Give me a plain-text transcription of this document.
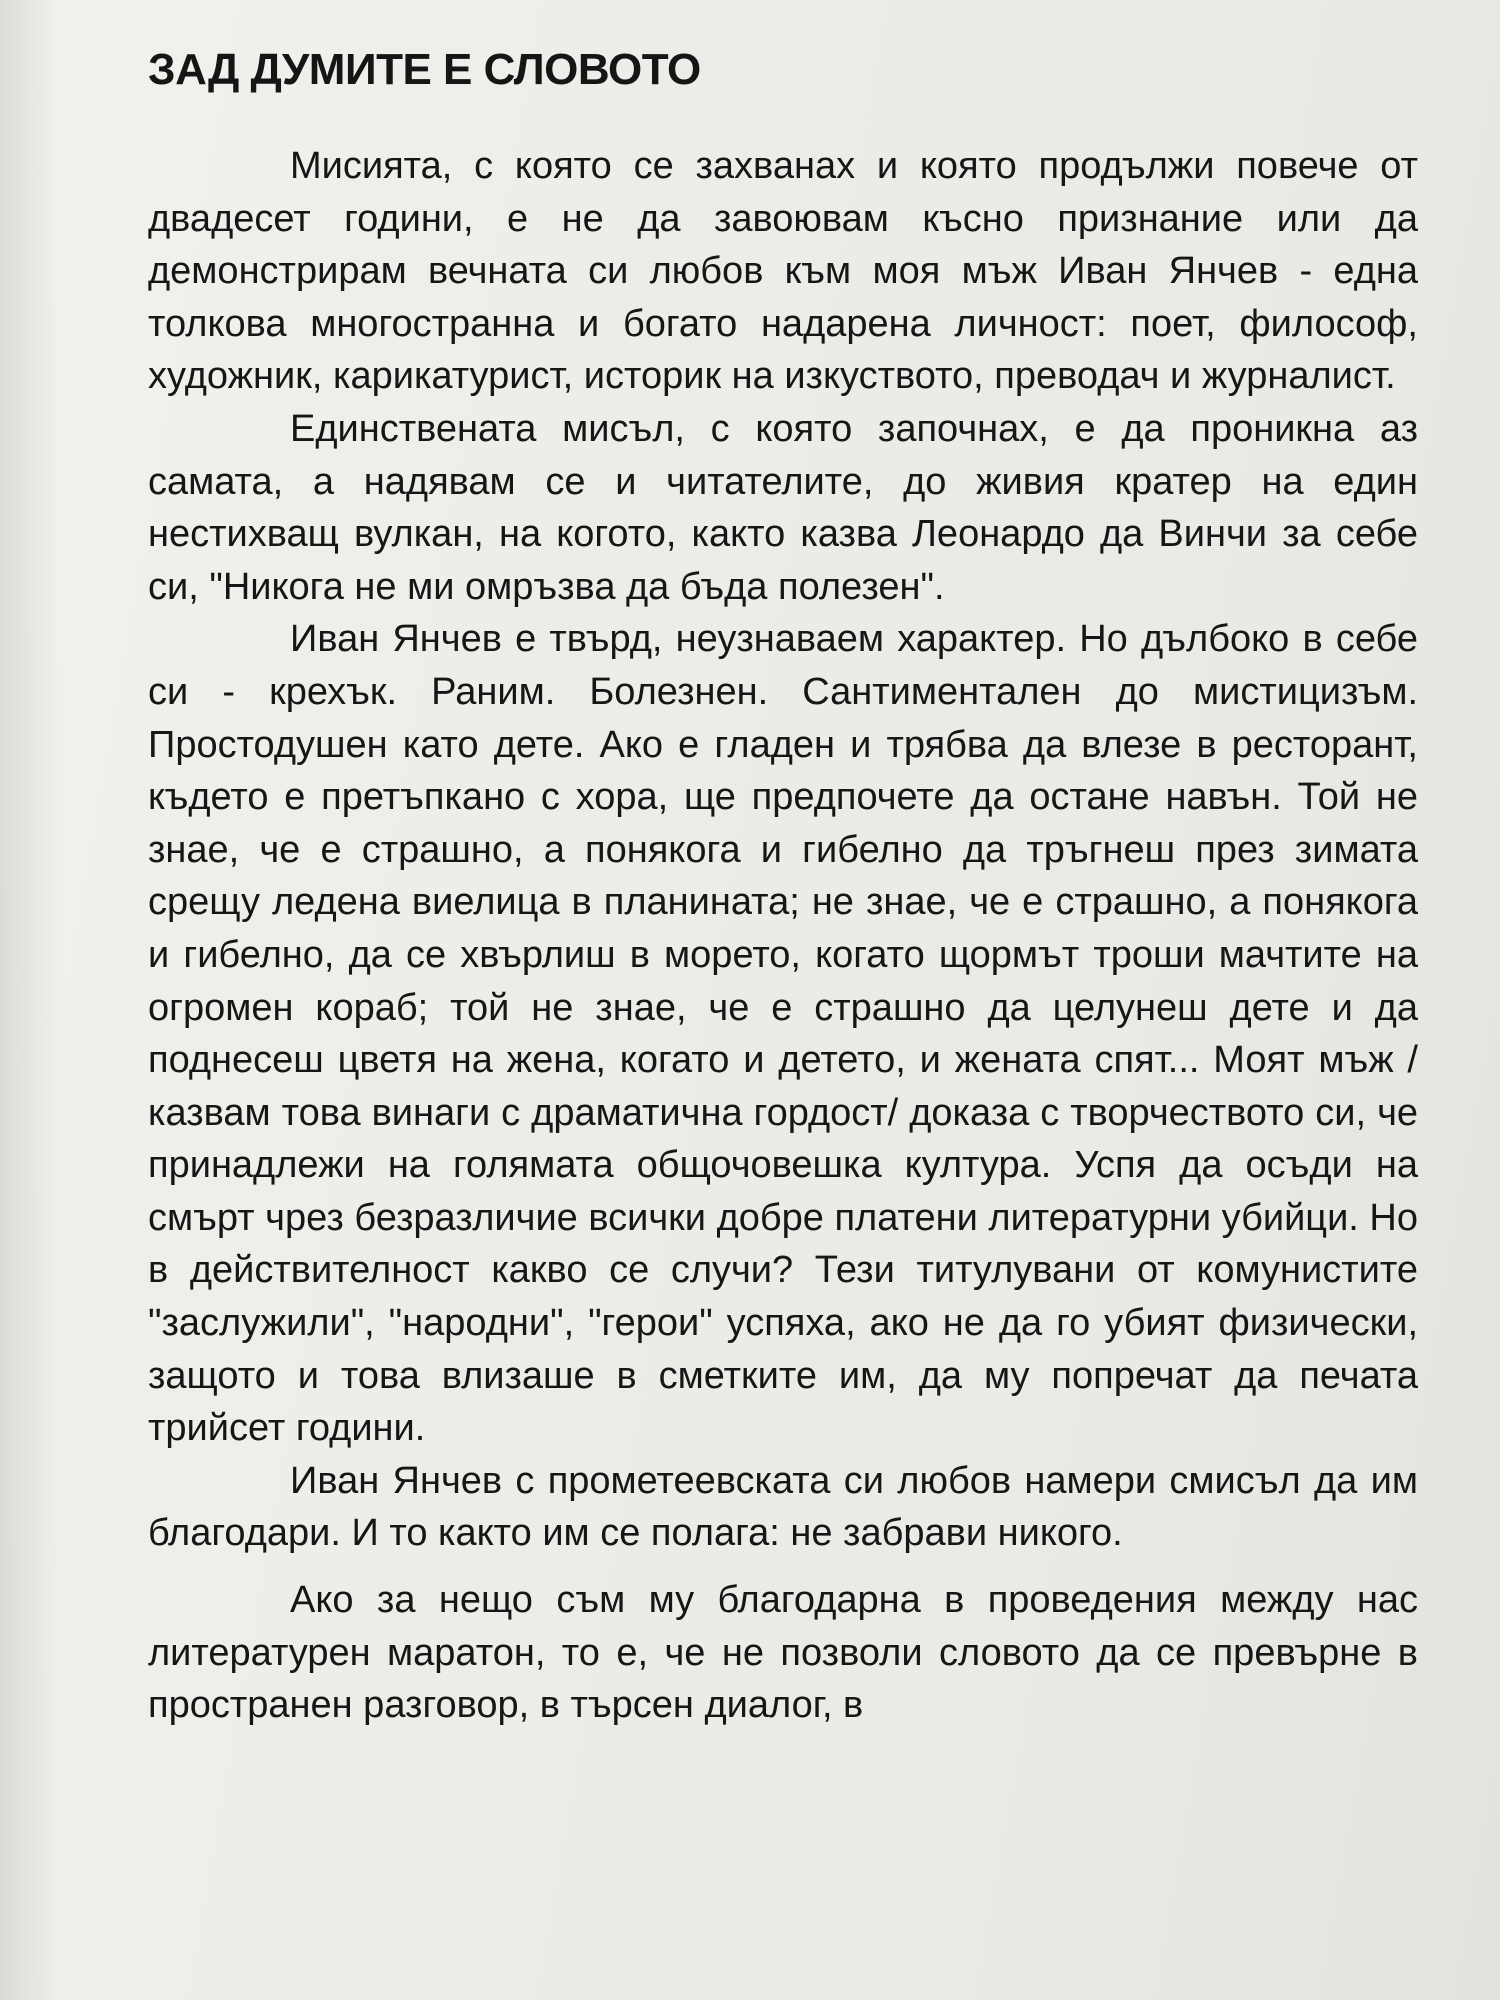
ЗАД ДУМИТЕ Е СЛОВОТО

Мисията, с която се захванах и която продължи повече от двадесет години, е не да завоювам късно признание или да демонстрирам вечната си любов към моя мъж Иван Янчев - една толкова многостранна и богато надарена личност: поет, философ, художник, карикатурист, историк на изкуството, преводач и журналист.

Единствената мисъл, с която започнах, е да проникна аз самата, а надявам се и читателите, до живия кратер на един нестихващ вулкан, на когото, както казва Леонардо да Винчи за себе си, "Никога не ми омръзва да бъда полезен".

Иван Янчев е твърд, неузнаваем характер. Но дълбоко в себе си - крехък. Раним. Болезнен. Сантиментален до мистицизъм. Простодушен като дете. Ако е гладен и трябва да влезе в ресторант, където е претъпкано с хора, ще предпочете да остане навън. Той не знае, че е страшно, а понякога и гибелно да тръгнеш през зимата срещу ледена виелица в планината; не знае, че е страшно, а понякога и гибелно, да се хвърлиш в морето, когато щормът троши мачтите на огромен кораб; той не знае, че е страшно да целунеш дете и да поднесеш цветя на жена, когато и детето, и жената спят... Моят мъж /казвам това винаги с драматична гордост/ доказа с творчеството си, че принадлежи на голямата общочовешка култура. Успя да осъди на смърт чрез безразличие всички добре платени литературни убийци. Но в действителност какво се случи? Тези титулувани от комунистите "заслужили", "народни", "герои" успяха, ако не да го убият физически, защото и това влизаше в сметките им, да му попречат да печата трийсет години.

Иван Янчев с прометеевската си любов намери смисъл да им благодари. И то както им се полага: не забрави никого.

Ако за нещо съм му благодарна в проведения между нас литературен маратон, то е, че не позволи словото да се превърне в пространен разговор, в търсен диалог, в
